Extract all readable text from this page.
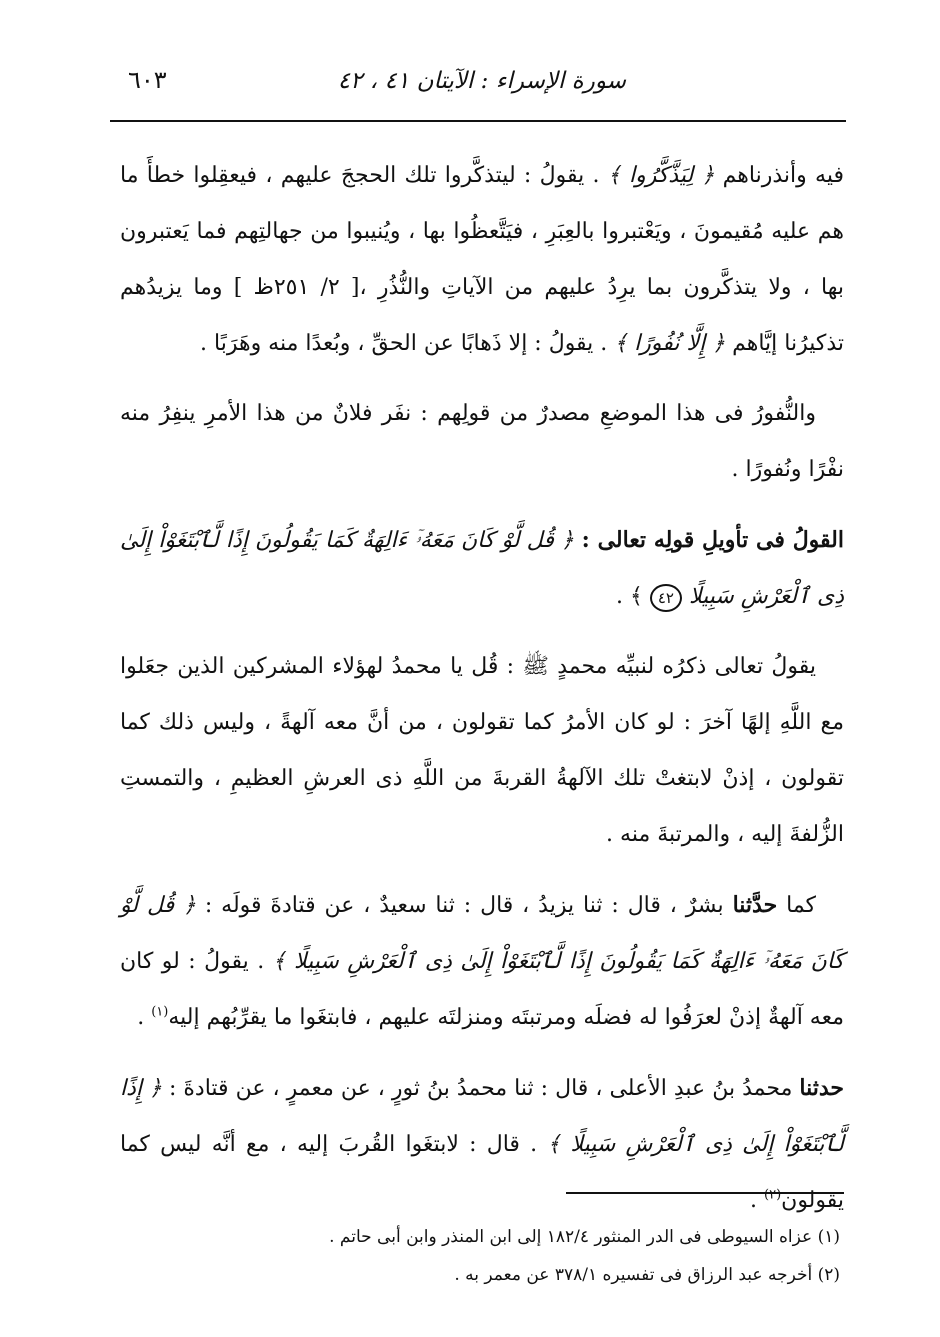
سورة الإسراء : الآيتان ٤١ ، ٤٢
٦٠٣

فيه وأنذرناهم ﴿ لِيَذَّكَّرُوا ﴾ . يقولُ : ليتذكَّروا تلك الحججَ عليهم ، فيعقِلوا خطأَ ما هم عليه مُقيمونَ ، ويَعْتبروا بالعِبَرِ ، فيَتَّعظُوا بها ، ويُنيبوا من جهالتِهم فما يَعتبرون بها ، ولا يتذكَّرون بما يرِدُ عليهم من الآياتِ والنُّذُرِ ،[ ٢/ ٢٥١ظ ] وما يزيدُهم تذكيرُنا إيَّاهم ﴿ إِلَّا نُفُورًا ﴾ . يقولُ : إلا ذَهابًا عن الحقِّ ، وبُعدًا منه وهَرَبًا .

والنُّفورُ فى هذا الموضعِ مصدرٌ من قولِهم : نفَر فلانٌ من هذا الأمرِ ينفِرُ منه نفْرًا ونُفورًا .

القولُ فى تأويلِ قولِه تعالى : ﴿ قُل لَّوْ كَانَ مَعَهُۥٓ ءَالِهَةٌ كَمَا يَقُولُونَ إِذًا لَّٱبْتَغَوْاْ إِلَىٰ ذِى ٱلْعَرْشِ سَبِيلًا ٤٢ ﴾ .

يقولُ تعالى ذكرُه لنبيِّه محمدٍ ﷺ : قُل يا محمدُ لهؤلاء المشركين الذين جعَلوا مع اللَّهِ إلهًا آخرَ : لو كان الأمرُ كما تقولون ، من أنَّ معه آلهةً ، وليس ذلك كما تقولون ، إذنْ لابتغتْ تلك الآلهةُ القربةَ من اللَّهِ ذى العرشِ العظيمِ ، والتمستِ الزُّلفةَ إليه ، والمرتبةَ منه .

كما حدَّثنا بشرٌ ، قال : ثنا يزيدُ ، قال : ثنا سعيدٌ ، عن قتادةَ قولَه : ﴿ قُل لَّوْ كَانَ مَعَهُۥٓ ءَالِهَةٌ كَمَا يَقُولُونَ إِذًا لَّٱبْتَغَوْاْ إِلَىٰ ذِى ٱلْعَرْشِ سَبِيلًا ﴾ . يقولُ : لو كان معه آلهةٌ إذنْ لعرَفُوا له فضلَه ومرتبتَه ومنزلتَه عليهم ، فابتغَوا ما يقرِّبُهم إليه$^{(١)}$ .

حدثنا محمدُ بنُ عبدِ الأعلى ، قال : ثنا محمدُ بنُ ثورٍ ، عن معمرٍ ، عن قتادةَ : ﴿ إِذًا لَّٱبْتَغَوْاْ إِلَىٰ ذِى ٱلْعَرْشِ سَبِيلًا ﴾ . قال : لابتغَوا القُربَ إليه ، مع أنَّه ليس كما يقولون$^{(٢)}$ .

(١) عزاه السيوطى فى الدر المنثور ١٨٢/٤ إلى ابن المنذر وابن أبى حاتم .

(٢) أخرجه عبد الرزاق فى تفسيره ٣٧٨/١ عن معمر به .
